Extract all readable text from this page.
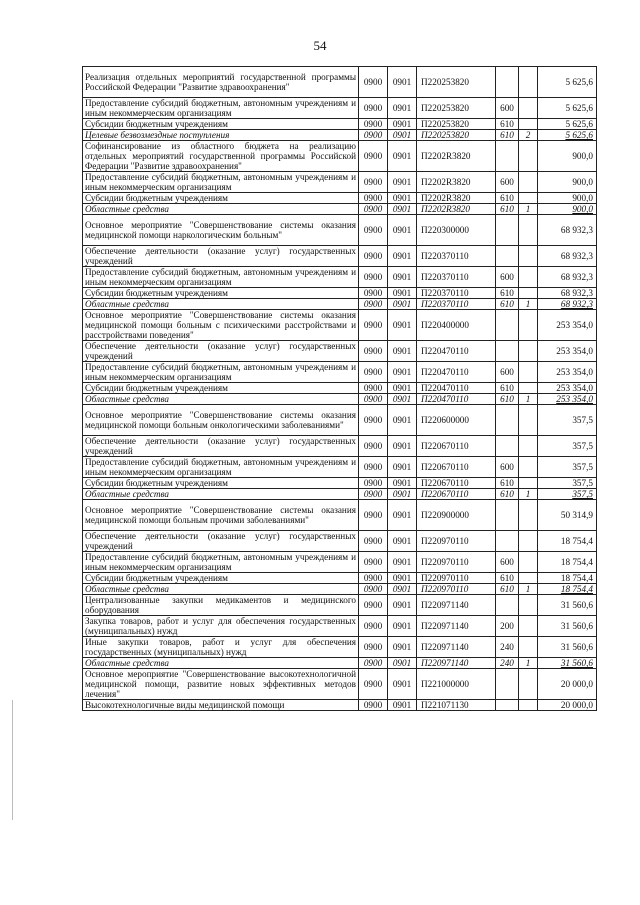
54
Реализация отдельных мероприятий государственной программы Российской Федерации "Развитие здравоохранения"	0900	0901	П220253820			5 625,6
Предоставление субсидий бюджетным, автономным учреждениям и иным некоммерческим организациям	0900	0901	П220253820	600		5 625,6
Субсидии бюджетным учреждениям	0900	0901	П220253820	610		5 625,6
Целевые безвозмездные поступления	0900	0901	П220253820	610	2	5 625,6
Софинансирование из областного бюджета на реализацию отдельных мероприятий государственной программы Российской Федерации "Развитие здравоохранения"	0900	0901	П2202R3820			900,0
Предоставление субсидий бюджетным, автономным учреждениям и иным некоммерческим организациям	0900	0901	П2202R3820	600		900,0
Субсидии бюджетным учреждениям	0900	0901	П2202R3820	610		900,0
Областные средства	0900	0901	П2202R3820	610	1	900,0
Основное мероприятие "Совершенствование системы оказания медицинской помощи наркологическим больным"	0900	0901	П220300000			68 932,3
Обеспечение деятельности (оказание услуг) государственных учреждений	0900	0901	П220370110			68 932,3
Предоставление субсидий бюджетным, автономным учреждениям и иным некоммерческим организациям	0900	0901	П220370110	600		68 932,3
Субсидии бюджетным учреждениям	0900	0901	П220370110	610		68 932,3
Областные средства	0900	0901	П220370110	610	1	68 932,3
Основное мероприятие "Совершенствование системы оказания медицинской помощи больным с психическими расстройствами и расстройствами поведения"	0900	0901	П220400000			253 354,0
Обеспечение деятельности (оказание услуг) государственных учреждений	0900	0901	П220470110			253 354,0
Предоставление субсидий бюджетным, автономным учреждениям и иным некоммерческим организациям	0900	0901	П220470110	600		253 354,0
Субсидии бюджетным учреждениям	0900	0901	П220470110	610		253 354,0
Областные средства	0900	0901	П220470110	610	1	253 354,0
Основное мероприятие "Совершенствование системы оказания медицинской помощи больным онкологическими заболеваниями"	0900	0901	П220600000			357,5
Обеспечение деятельности (оказание услуг) государственных учреждений	0900	0901	П220670110			357,5
Предоставление субсидий бюджетным, автономным учреждениям и иным некоммерческим организациям	0900	0901	П220670110	600		357,5
Субсидии бюджетным учреждениям	0900	0901	П220670110	610		357,5
Областные средства	0900	0901	П220670110	610	1	357,5
Основное мероприятие "Совершенствование системы оказания медицинской помощи больным прочими заболеваниями"	0900	0901	П220900000			50 314,9
Обеспечение деятельности (оказание услуг) государственных учреждений	0900	0901	П220970110			18 754,4
Предоставление субсидий бюджетным, автономным учреждениям и иным некоммерческим организациям	0900	0901	П220970110	600		18 754,4
Субсидии бюджетным учреждениям	0900	0901	П220970110	610		18 754,4
Областные средства	0900	0901	П220970110	610	1	18 754,4
Централизованные закупки медикаментов и медицинского оборудования	0900	0901	П220971140			31 560,6
Закупка товаров, работ и услуг для обеспечения государственных (муниципальных) нужд	0900	0901	П220971140	200		31 560,6
Иные закупки товаров, работ и услуг для обеспечения государственных (муниципальных) нужд	0900	0901	П220971140	240		31 560,6
Областные средства	0900	0901	П220971140	240	1	31 560,6
Основное мероприятие "Совершенствование высокотехнологичной медицинской помощи, развитие новых эффективных методов лечения"	0900	0901	П221000000			20 000,0
Высокотехнологичные виды медицинской помощи	0900	0901	П221071130			20 000,0
